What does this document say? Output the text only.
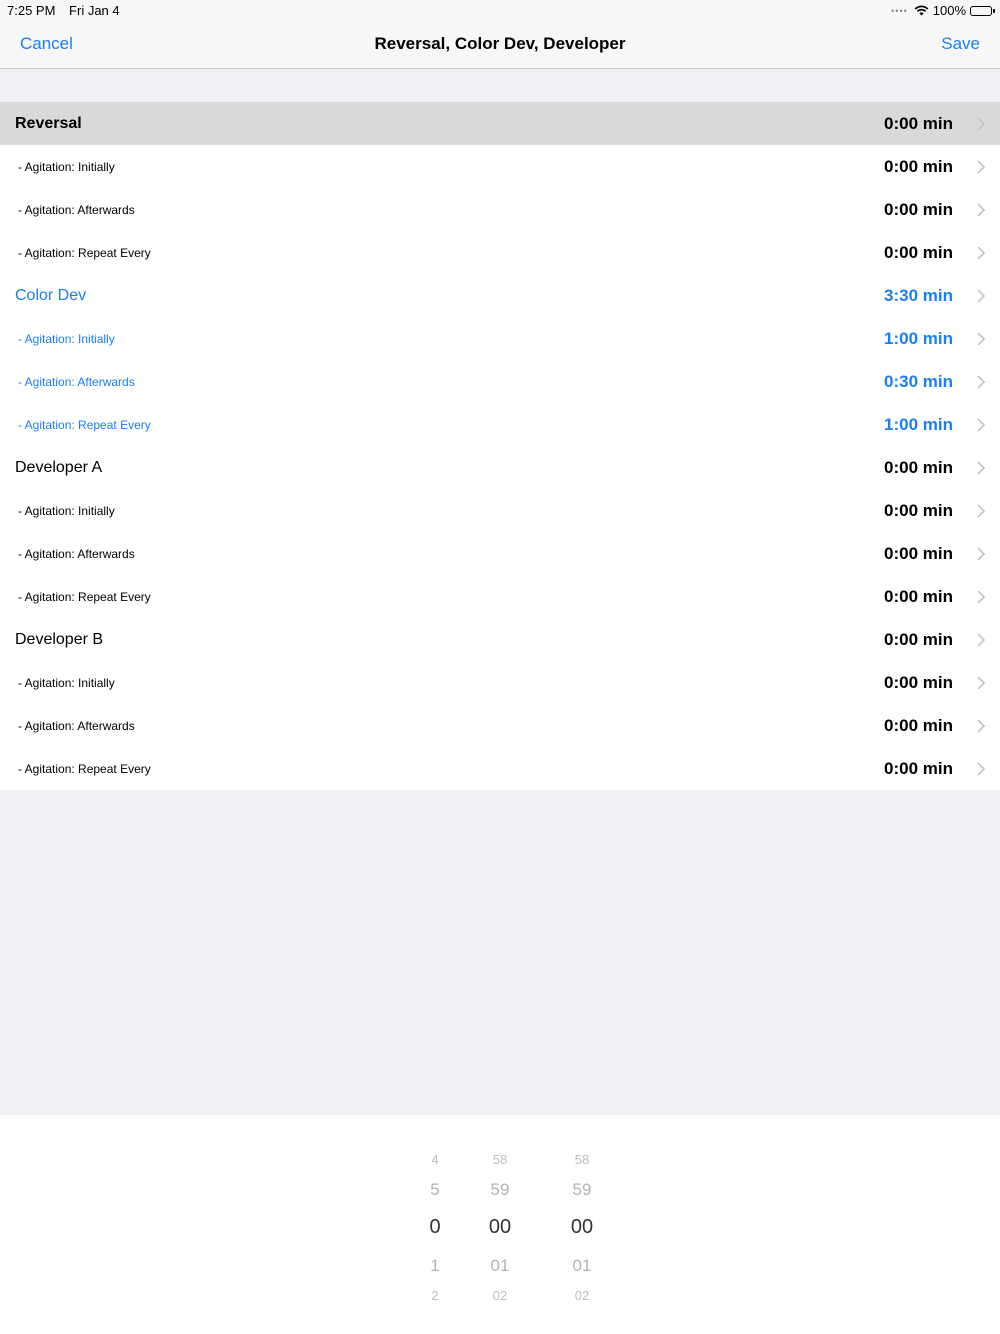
7:25 PM Fri Jan 4	•••• 100%
Cancel	Reversal, Color Dev, Developer	Save
Reversal	0:00 min
- Agitation: Initially	0:00 min
- Agitation: Afterwards	0:00 min
- Agitation: Repeat Every	0:00 min
Color Dev	3:30 min
- Agitation: Initially	1:00 min
- Agitation: Afterwards	0:30 min
- Agitation: Repeat Every	1:00 min
Developer A	0:00 min
- Agitation: Initially	0:00 min
- Agitation: Afterwards	0:00 min
- Agitation: Repeat Every	0:00 min
Developer B	0:00 min
- Agitation: Initially	0:00 min
- Agitation: Afterwards	0:00 min
- Agitation: Repeat Every	0:00 min
4
5
0
1
2
58
59
00
01
02
58
59
00
01
02
